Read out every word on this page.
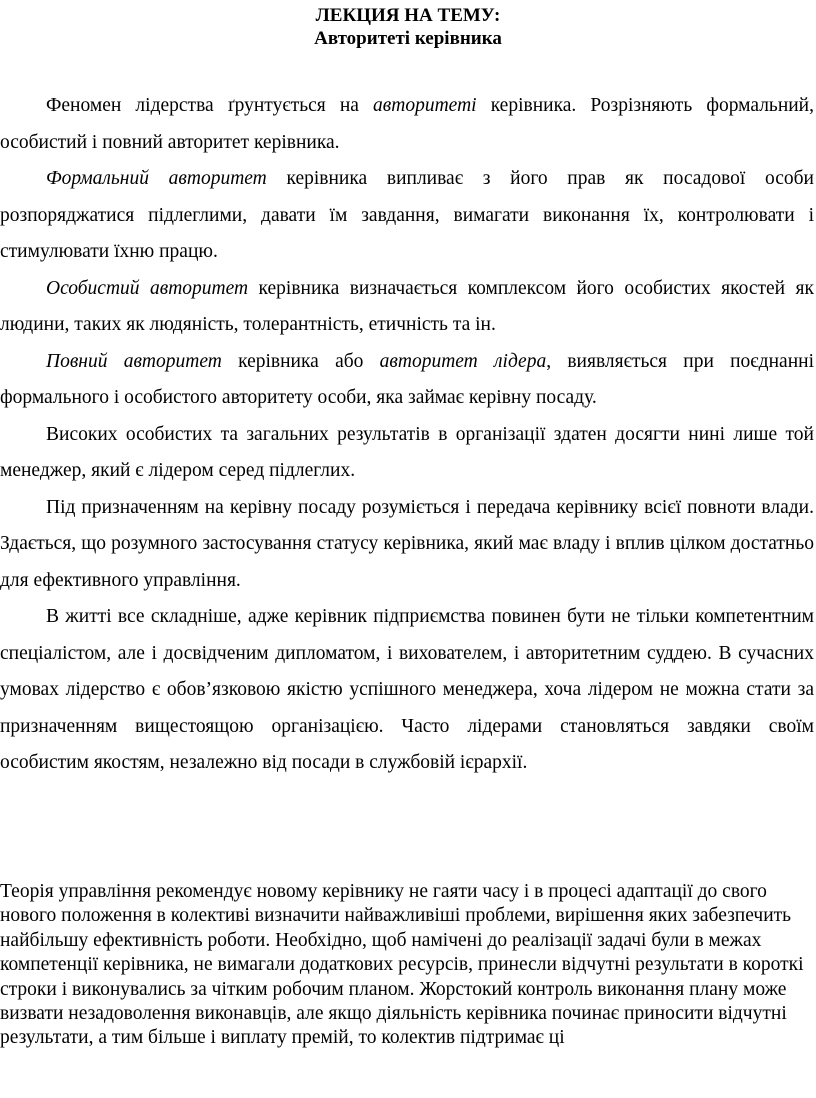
ЛЕКЦИЯ НА ТЕМУ:
Авторитеті керівника

Феномен лідерства ґрунтується на авторитеті керівника. Розрізняють формальний, особистий і повний авторитет керівника.

Формальний авторитет керівника випливає з його прав як посадової особи розпоряджатися підлеглими, давати їм завдання, вимагати виконання їх, контролювати і стимулювати їхню працю.

Особистий авторитет керівника визначається комплексом його особистих якостей як людини, таких як людяність, толерантність, етичність та ін.

Повний авторитет керівника або авторитет лідера, виявляється при поєднанні формального і особистого авторитету особи, яка займає керівну посаду.

Високих особистих та загальних результатів в організації здатен досягти нині лише той менеджер, який є лідером серед підлеглих.

Під призначенням на керівну посаду розуміється і передача керівнику всієї повноти влади. Здається, що розумного застосування статусу керівника, який має владу і вплив цілком достатньо для ефективного управління.

В житті все складніше, адже керівник підприємства повинен бути не тільки компетентним спеціалістом, але і досвідченим дипломатом, і вихователем, і авторитетним суддею. В сучасних умовах лідерство є обов’язковою якістю успішного менеджера, хоча лідером не можна стати за призначенням вищестоящою організацією. Часто лідерами становляться завдяки своїм особистим якостям, незалежно від посади в службовій ієрархії.

Теорія управління рекомендує новому керівнику не гаяти часу і в процесі адаптації до свого нового положення в колективі визначити найважливіші проблеми, вирішення яких забезпечить найбільшу ефективність роботи. Необхідно, щоб намічені до реалізації задачі були в межах компетенції керівника, не вимагали додаткових ресурсів, принесли відчутні результати в короткі строки і виконувались за чітким робочим планом. Жорстокий контроль виконання плану може визвати незадоволення виконавців, але якщо діяльність керівника починає приносити відчутні результати, а тим більше і виплату премій, то колектив підтримає ці
